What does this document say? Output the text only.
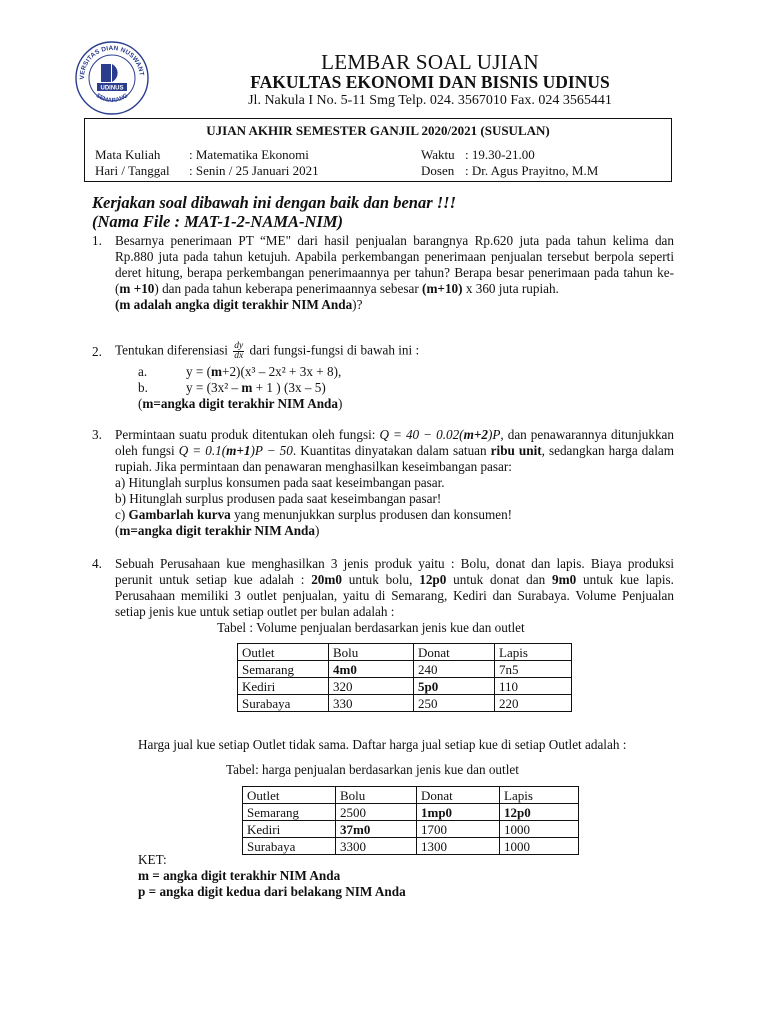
VERSITAS DIAN NUSWANT
SEMARANG
UDINUS
LEMBAR SOAL UJIAN
FAKULTAS EKONOMI DAN BISNIS UDINUS
Jl. Nakula I No. 5-11 Smg Telp. 024. 3567010 Fax. 024 3565441
UJIAN AKHIR SEMESTER GANJIL 2020/2021 (SUSULAN)
Mata Kuliah : Matematika Ekonomi	Waktu : 19.30-21.00
Hari / Tanggal : Senin / 25 Januari 2021	Dosen : Dr. Agus Prayitno, M.M
Kerjakan soal dibawah ini dengan baik dan benar !!!
(Nama File : MAT-1-2-NAMA-NIM)
1. Besarnya penerimaan PT “ME" dari hasil penjualan barangnya Rp.620 juta pada tahun kelima dan Rp.880 juta pada tahun ketujuh. Apabila perkembangan penerimaan penjualan tersebut berpola seperti deret hitung, berapa perkembangan penerimaannya per tahun? Berapa besar penerimaan pada tahun ke-(m +10) dan pada tahun keberapa penerimaannya sebesar (m+10) x 360 juta rupiah.

(m adalah angka digit terakhir NIM Anda)?

2. Tentukan diferensiasi $\frac{dy}{dx}$ dari fungsi-fungsi di bawah ini :

a.	y = (m+2)(x³ – 2x² + 3x + 8),
b.	y = (3x² – m + 1 ) (3x – 5)
(m=angka digit terakhir NIM Anda)
3. Permintaan suatu produk ditentukan oleh fungsi: Q = 40 − 0.02(m+2)P, dan penawarannya ditunjukkan oleh fungsi Q = 0.1(m+1)P − 50. Kuantitas dinyatakan dalam satuan ribu unit, sedangkan harga dalam rupiah. Jika permintaan dan penawaran menghasilkan keseimbangan pasar:

a) Hitunglah surplus konsumen pada saat keseimbangan pasar.

b) Hitunglah surplus produsen pada saat keseimbangan pasar!

c) Gambarlah kurva yang menunjukkan surplus produsen dan konsumen!

(m=angka digit terakhir NIM Anda)

4. Sebuah Perusahaan kue menghasilkan 3 jenis produk yaitu : Bolu, donat dan lapis. Biaya produksi perunit untuk setiap kue adalah : 20m0 untuk bolu, 12p0 untuk donat dan 9m0 untuk kue lapis. Perusahaan memiliki 3 outlet penjualan, yaitu di Semarang, Kediri dan Surabaya. Volume Penjualan setiap jenis kue untuk setiap outlet per bulan adalah :

Tabel : Volume penjualan berdasarkan jenis kue dan outlet
Outlet	Bolu	Donat	Lapis
Semarang	4m0	240	7n5
Kediri	320	5p0	110
Surabaya	330	250	220
Harga jual kue setiap Outlet tidak sama. Daftar harga jual setiap kue di setiap Outlet adalah :
Tabel: harga penjualan berdasarkan jenis kue dan outlet
Outlet	Bolu	Donat	Lapis
Semarang	2500	1mp0	12p0
Kediri	37m0	1700	1000
Surabaya	3300	1300	1000
KET:
m = angka digit terakhir NIM Anda
p = angka digit kedua dari belakang NIM Anda
